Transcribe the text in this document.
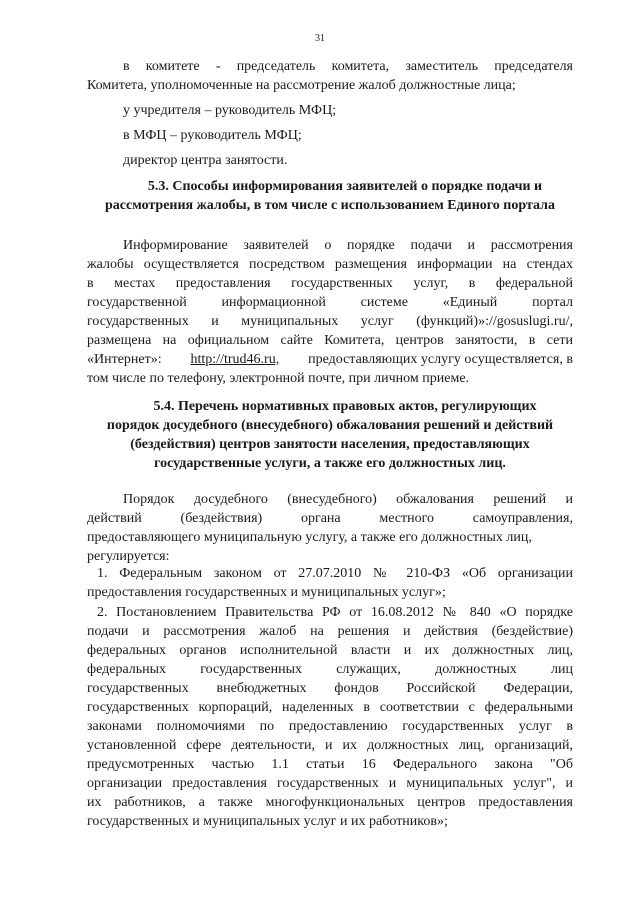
31
в комитете - председатель комитета, заместитель председателя
Комитета, уполномоченные на рассмотрение жалоб должностные лица;
у учредителя – руководитель МФЦ;
в МФЦ – руководитель МФЦ;
директор центра занятости.
5.3. Способы информирования заявителей о порядке подачи и
рассмотрения жалобы, в том числе с использованием Единого портала
Информирование заявителей о порядке подачи и рассмотрения
жалобы осуществляется посредством размещения информации на стендах
в местах предоставления государственных услуг, в федеральной
государственной информационной системе «Единый портал
государственных и муниципальных услуг (функций)»://gosuslugi.ru/,
размещена на официальном сайте Комитета, центров занятости, в сети
«Интернет»: http://trud46.ru, предоставляющих услугу осуществляется, в
том числе по телефону, электронной почте, при личном приеме.
5.4. Перечень нормативных правовых актов, регулирующих
порядок досудебного (внесудебного) обжалования решений и действий
(бездействия) центров занятости населения, предоставляющих
государственные услуги, а также его должностных лиц.
Порядок досудебного (внесудебного) обжалования решений и
действий (бездействия) органа местного самоуправления,
предоставляющего муниципальную услугу, а также его должностных лиц,
регулируется:
1. Федеральным законом от 27.07.2010 № 210-ФЗ «Об организации
предоставления государственных и муниципальных услуг»;
2. Постановлением Правительства РФ от 16.08.2012 № 840 «О порядке
подачи и рассмотрения жалоб на решения и действия (бездействие)
федеральных органов исполнительной власти и их должностных лиц,
федеральных государственных служащих, должностных лиц
государственных внебюджетных фондов Российской Федерации,
государственных корпораций, наделенных в соответствии с федеральными
законами полномочиями по предоставлению государственных услуг в
установленной сфере деятельности, и их должностных лиц, организаций,
предусмотренных частью 1.1 статьи 16 Федерального закона "Об
организации предоставления государственных и муниципальных услуг", и
их работников, а также многофункциональных центров предоставления
государственных и муниципальных услуг и их работников»;
